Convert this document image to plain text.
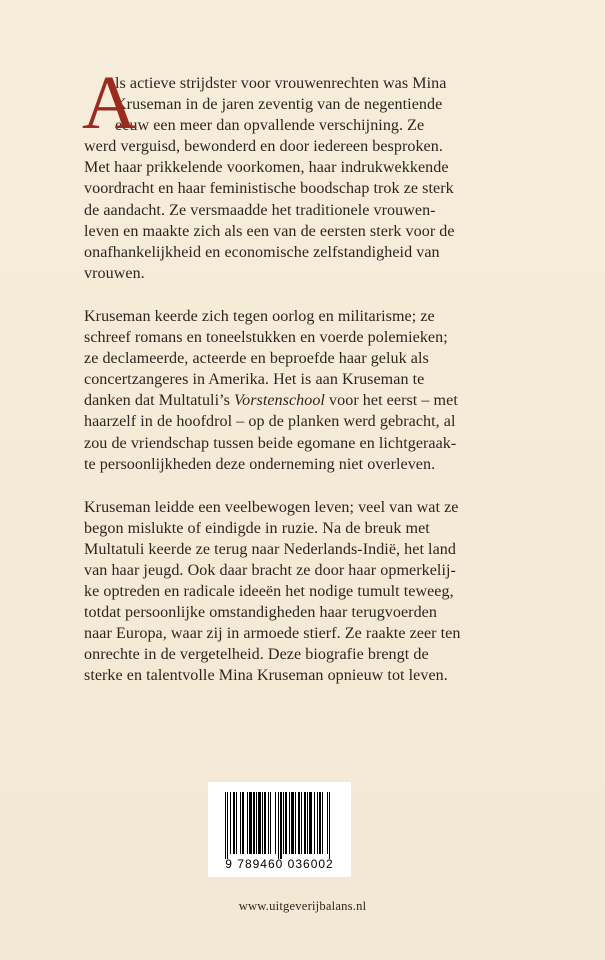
A
ls actieve strijdster voor vrouwenrechten was Mina
Kruseman in de jaren zeventig van de negentiende
eeuw een meer dan opvallende verschijning. Ze
werd verguisd, bewonderd en door iedereen besproken.
Met haar prikkelende voorkomen, haar indrukwekkende
voordracht en haar feministische boodschap trok ze sterk
de aandacht. Ze versmaadde het traditionele vrouwen-
leven en maakte zich als een van de eersten sterk voor de
onafhankelijkheid en economische zelfstandigheid van
vrouwen.
Kruseman keerde zich tegen oorlog en militarisme; ze
schreef romans en toneelstukken en voerde polemieken;
ze declameerde, acteerde en beproefde haar geluk als
concertzangeres in Amerika. Het is aan Kruseman te
danken dat Multatuli’s Vorstenschool voor het eerst – met
haarzelf in de hoofdrol – op de planken werd gebracht, al
zou de vriendschap tussen beide egomane en lichtgeraak-
te persoonlijkheden deze onderneming niet overleven.
Kruseman leidde een veelbewogen leven; veel van wat ze
begon mislukte of eindigde in ruzie. Na de breuk met
Multatuli keerde ze terug naar Nederlands-Indië, het land
van haar jeugd. Ook daar bracht ze door haar opmerkelij-
ke optreden en radicale ideeën het nodige tumult teweeg,
totdat persoonlijke omstandigheden haar terugvoerden
naar Europa, waar zij in armoede stierf. Ze raakte zeer ten
onrechte in de vergetelheid. Deze biografie brengt de
sterke en talentvolle Mina Kruseman opnieuw tot leven.
9 789460 036002
www.uitgeverijbalans.nl
